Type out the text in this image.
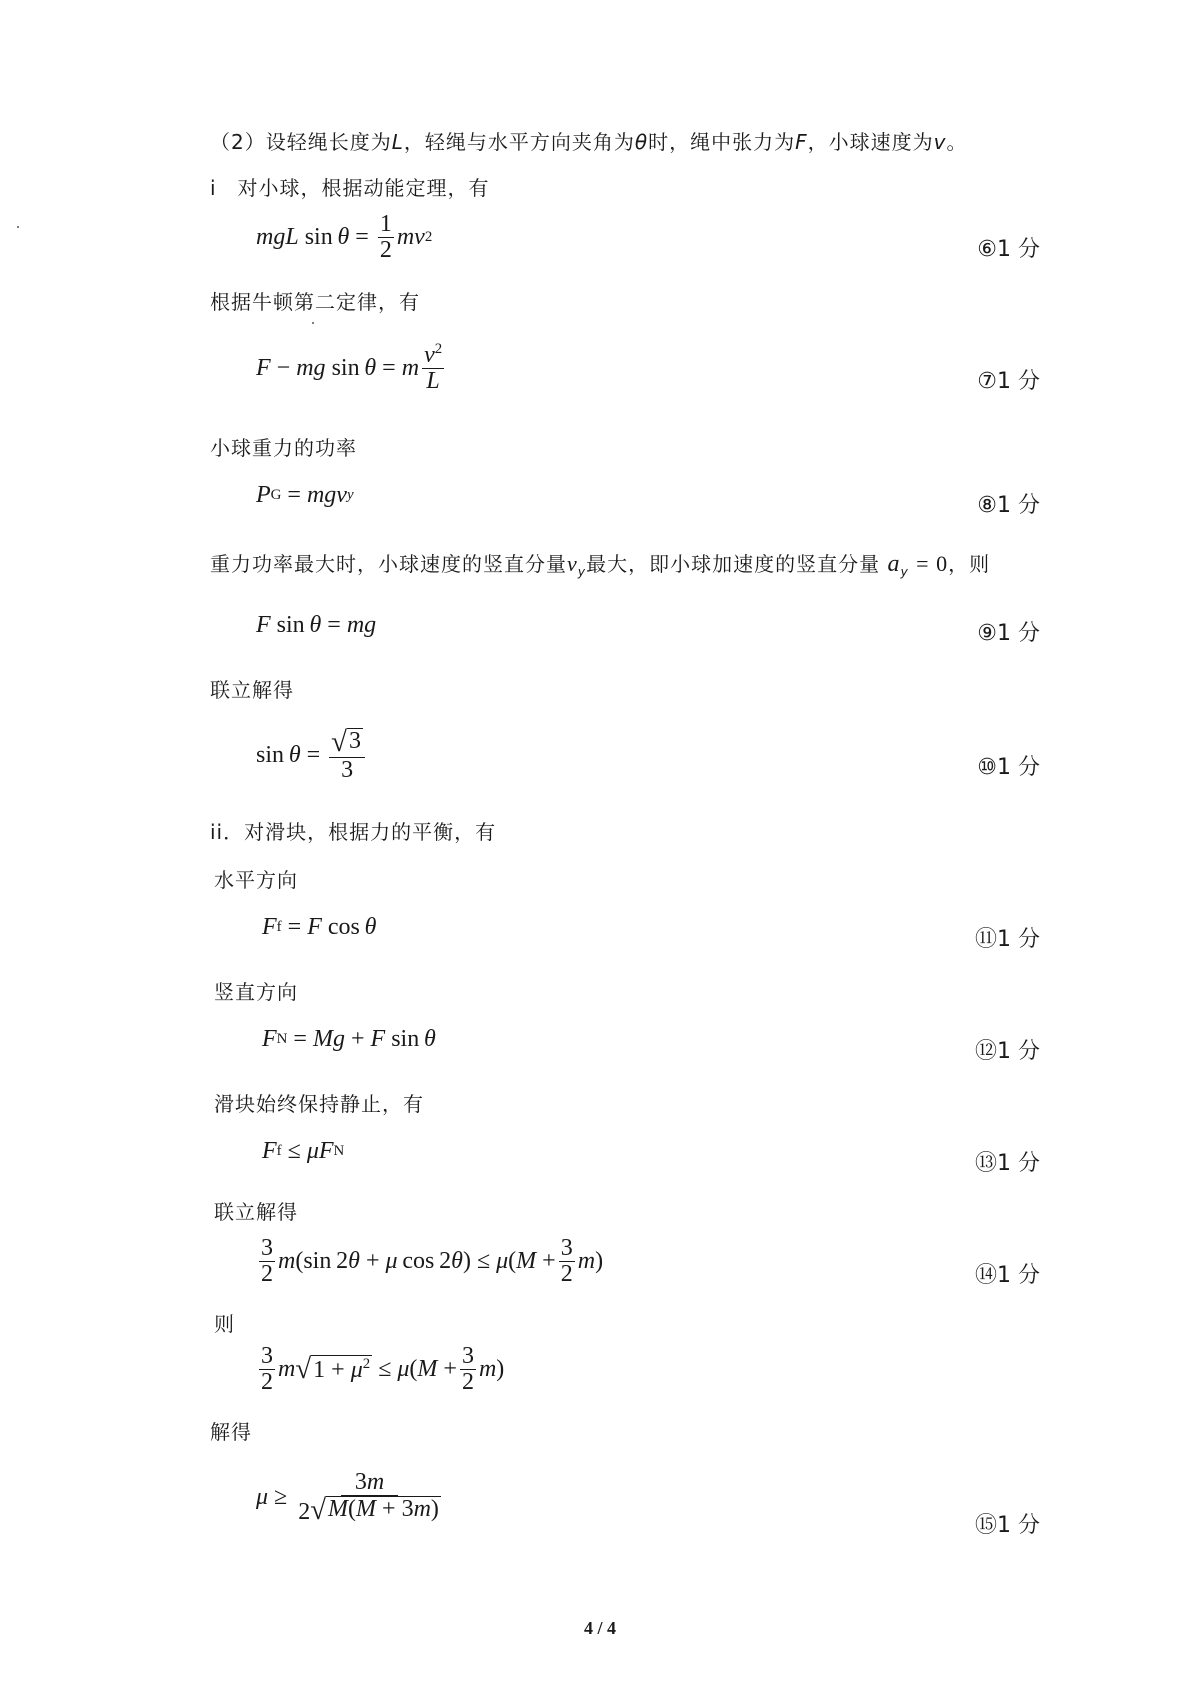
（2）设轻绳长度为L，轻绳与水平方向夹角为θ时，绳中张力为F，小球速度为v。
i　对小球，根据动能定理，有
mgL $\sin \theta = \frac{1}{2}$ mv 2	⑥1 分
根据牛顿第二定律，有
F − mg sin  θ = m $\frac{v^2}{L}$	⑦1 分
小球重力的功率
P G = mgv y	⑧1 分
重力功率最大时，小球速度的竖直分量$v_y$最大，即小球加速度的竖直分量 $a_y = 0$，则
F sin  θ = mg	⑨1 分
联立解得
$\sin \theta = \frac{√ 3}{3}$	⑩1 分
ii．对滑块，根据力的平衡，有
水平方向
F f = F cos  θ	⑪1 分
竖直方向
F N = Mg + F sin  θ	⑫1 分
滑块始终保持静止，有
F f ≤ μF N	⑬1 分
联立解得
$\frac{3}{2}$ m (sin 2 θ + μ  cos 2 θ ) ≤ μ ( $M + \frac{3}{2}$ m )
⑭1 分
则
$\frac{3}{2}$ m √ $1 + \mu^2 \le \mu$ ( $M + \frac{3}{2}$ m )
解得
$\mu \ge \frac{3m}{2 √ M(M + 3m)}$
⑮1 分
4 / 4
